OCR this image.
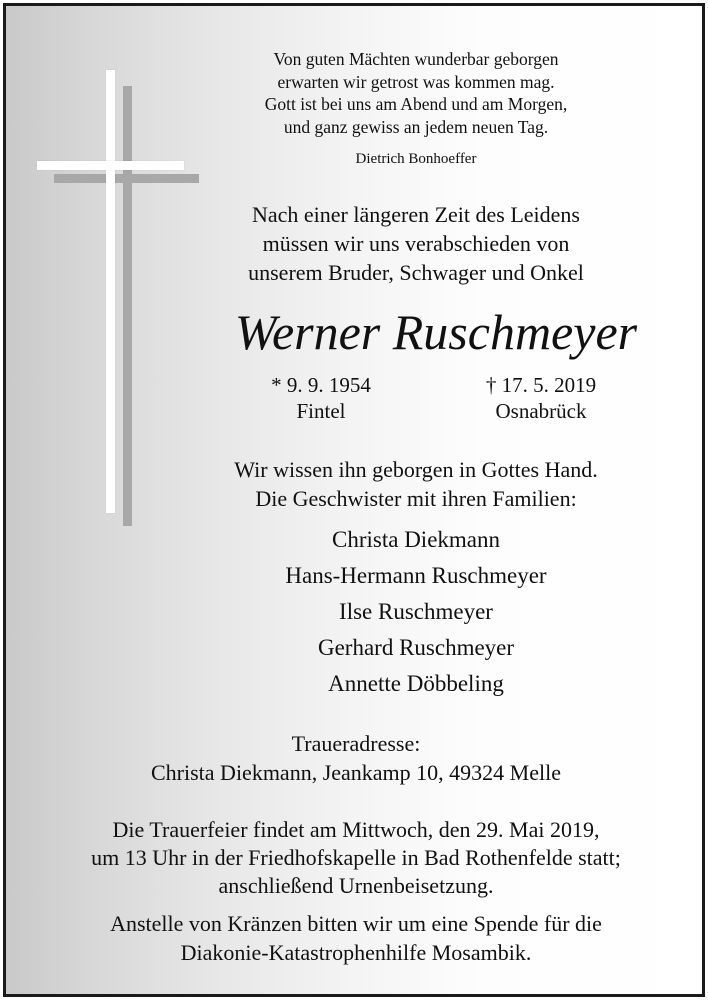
Von guten Mächten wunderbar geborgen
erwarten wir getrost was kommen mag.
Gott ist bei uns am Abend und am Morgen,
und ganz gewiss an jedem neuen Tag.
Dietrich Bonhoeffer
Nach einer längeren Zeit des Leidens
müssen wir uns verabschieden von
unserem Bruder, Schwager und Onkel
Werner Ruschmeyer
* 9. 9. 1954
Fintel
† 17. 5. 2019
Osnabrück
Wir wissen ihn geborgen in Gottes Hand.
Die Geschwister mit ihren Familien:
Christa Diekmann
Hans-Hermann Ruschmeyer
Ilse Ruschmeyer
Gerhard Ruschmeyer
Annette Döbbeling
Traueradresse:
Christa Diekmann, Jeankamp 10, 49324 Melle
Die Trauerfeier findet am Mittwoch, den 29. Mai 2019,
um 13 Uhr in der Friedhofskapelle in Bad Rothenfelde statt;
anschließend Urnenbeisetzung.
Anstelle von Kränzen bitten wir um eine Spende für die
Diakonie-Katastrophenhilfe Mosambik.
